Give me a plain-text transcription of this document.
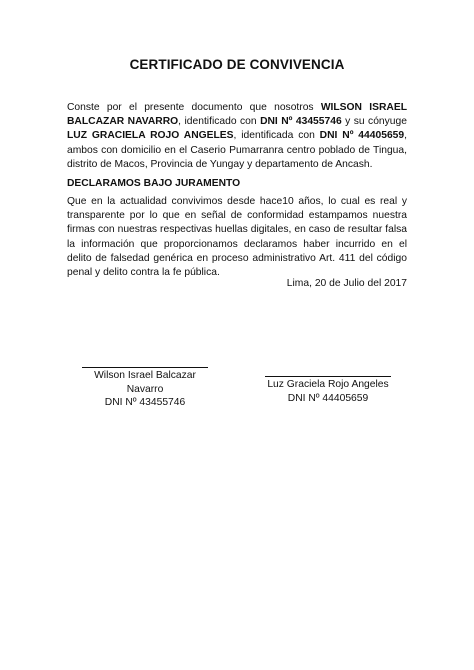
CERTIFICADO DE CONVIVENCIA
Conste por el presente documento que nosotros WILSON ISRAEL BALCAZAR NAVARRO, identificado con DNI Nº 43455746 y su cónyuge LUZ GRACIELA ROJO ANGELES, identificada con DNI Nº 44405659, ambos con domicilio en el Caserio Pumarranra centro poblado de Tingua, distrito de Macos, Provincia de Yungay y departamento de Ancash.
DECLARAMOS BAJO JURAMENTO
Que en la actualidad convivimos desde hace10 años, lo cual es real y transparente por lo que en señal de conformidad estampamos nuestra firmas con nuestras respectivas huellas digitales, en caso de resultar falsa la información que proporcionamos declaramos haber incurrido en el delito de falsedad genérica en proceso administrativo Art. 411 del código penal y delito contra la fe pública.
Lima, 20 de Julio del 2017
Wilson Israel Balcazar Navarro
DNI Nº 43455746
Luz Graciela Rojo Angeles
DNI Nº 44405659
